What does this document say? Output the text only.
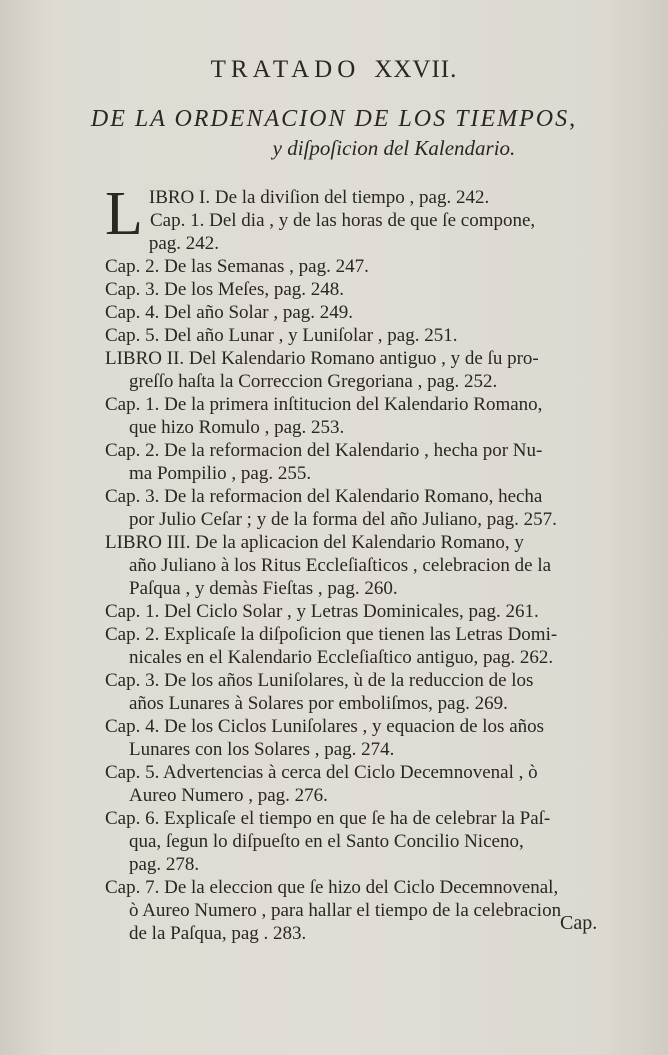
TRATADO XXVII.
DE LA ORDENACION DE LOS TIEMPOS,
y diſpoſicion del Kalendario.
L IBRO I. De la diviſion del tiempo , pag. 242.
Cap. 1. Del dia , y de las horas de que ſe compone,
pag. 242.
Cap. 2. De las Semanas , pag. 247.
Cap. 3. De los Meſes, pag. 248.
Cap. 4. Del año Solar , pag. 249.
Cap. 5. Del año Lunar , y Luniſolar , pag. 251.
LIBRO II. Del Kalendario Romano antiguo , y de ſu pro-
greſſo haſta la Correccion Gregoriana , pag. 252.
Cap. 1. De la primera inſtitucion del Kalendario Romano,
que hizo Romulo , pag. 253.
Cap. 2. De la reformacion del Kalendario , hecha por Nu-
ma Pompilio , pag. 255.
Cap. 3. De la reformacion del Kalendario Romano, hecha
por Julio Ceſar ; y de la forma del año Juliano, pag. 257.
LIBRO III. De la aplicacion del Kalendario Romano, y
año Juliano à los Ritus Eccleſiaſticos , celebracion de la
Paſqua , y demàs Fieſtas , pag. 260.
Cap. 1. Del Ciclo Solar , y Letras Dominicales, pag. 261.
Cap. 2. Explicaſe la diſpoſicion que tienen las Letras Domi-
nicales en el Kalendario Eccleſiaſtico antiguo, pag. 262.
Cap. 3. De los años Luniſolares, ù de la reduccion de los
años Lunares à Solares por emboliſmos, pag. 269.
Cap. 4. De los Ciclos Luniſolares , y equacion de los años
Lunares con los Solares , pag. 274.
Cap. 5. Advertencias à cerca del Ciclo Decemnovenal , ò
Aureo Numero , pag. 276.
Cap. 6. Explicaſe el tiempo en que ſe ha de celebrar la Paſ-
qua, ſegun lo diſpueſto en el Santo Concilio Niceno,
pag. 278.
Cap. 7. De la eleccion que ſe hizo del Ciclo Decemnovenal,
ò Aureo Numero , para hallar el tiempo de la celebracion
de la Paſqua, pag . 283.	Cap.
